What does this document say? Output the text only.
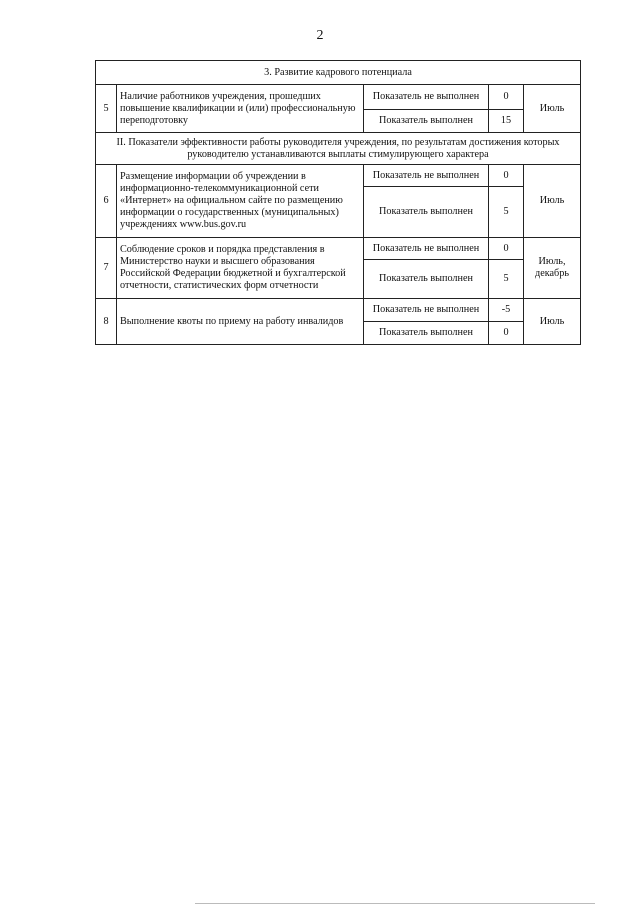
2
3. Развитие кадрового потенциала				
5	Наличие работников учреждения, прошедших повышение квалификации и (или) профессиональную переподготовку	Показатель не выполнен	0	Июль
		Показатель выполнен	15	
II. Показатели эффективности работы руководителя учреждения, по результатам достижения которых руководителю устанавливаются выплаты стимулирующего характера				
6	Размещение информации об учреждении в информационно-телекоммуникационной сети «Интернет» на официальном сайте по размещению информации о государственных (муниципальных) учреждениях www.bus.gov.ru	Показатель не выполнен	0	Июль
		Показатель выполнен	5	
7	Соблюдение сроков и порядка представления в Министерство науки и высшего образования Российской Федерации бюджетной и бухгалтерской отчетности, статистических форм отчетности	Показатель не выполнен	0	Июль, декабрь
		Показатель выполнен	5	
8	Выполнение квоты по приему на работу инвалидов	Показатель не выполнен	-5	Июль
		Показатель выполнен	0	
